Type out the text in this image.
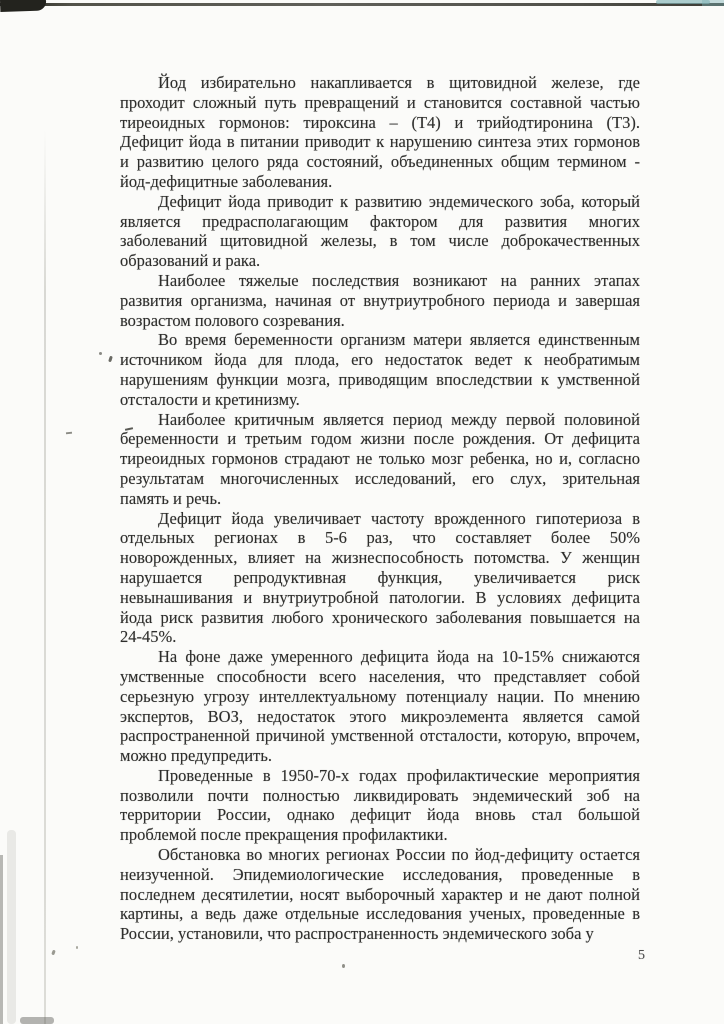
Йод избирательно накапливается в щитовидной железе, где
проходит сложный путь превращений и становится составной частью
тиреоидных гормонов: тироксина – (Т4) и трийодтиронина (Т3).
Дефицит йода в питании приводит к нарушению синтеза этих гормонов
и развитию целого ряда состояний, объединенных общим термином -
йод-дефицитные заболевания.
Дефицит йода приводит к развитию эндемического зоба, который
является предрасполагающим фактором для развития многих
заболеваний щитовидной железы, в том числе доброкачественных
образований и рака.
Наиболее тяжелые последствия возникают на ранних этапах
развития организма, начиная от внутриутробного периода и завершая
возрастом полового созревания.
Во время беременности организм матери является единственным
источником йода для плода, его недостаток ведет к необратимым
нарушениям функции мозга, приводящим впоследствии к умственной
отсталости и кретинизму.
Наиболее критичным является период между первой половиной
беременности и третьим годом жизни после рождения. От дефицита
тиреоидных гормонов страдают не только мозг ребенка, но и, согласно
результатам многочисленных исследований, его слух, зрительная
память и речь.
Дефицит йода увеличивает частоту врожденного гипотериоза в
отдельных регионах в 5-6 раз, что составляет более 50%
новорожденных, влияет на жизнеспособность потомства. У женщин
нарушается репродуктивная функция, увеличивается риск
невынашивания и внутриутробной патологии. В условиях дефицита
йода риск развития любого хронического заболевания повышается на
24-45%.
На фоне даже умеренного дефицита йода на 10-15% снижаются
умственные способности всего населения, что представляет собой
серьезную угрозу интеллектуальному потенциалу нации. По мнению
экспертов, ВОЗ, недостаток этого микроэлемента является самой
распространенной причиной умственной отсталости, которую, впрочем,
можно предупредить.
Проведенные в 1950-70-х годах профилактические мероприятия
позволили почти полностью ликвидировать эндемический зоб на
территории России, однако дефицит йода вновь стал большой
проблемой после прекращения профилактики.
Обстановка во многих регионах России по йод-дефициту остается
неизученной. Эпидемиологические исследования, проведенные в
последнем десятилетии, носят выборочный характер и не дают полной
картины, а ведь даже отдельные исследования ученых, проведенные в
России, установили, что распространенность эндемического зоба у
5
